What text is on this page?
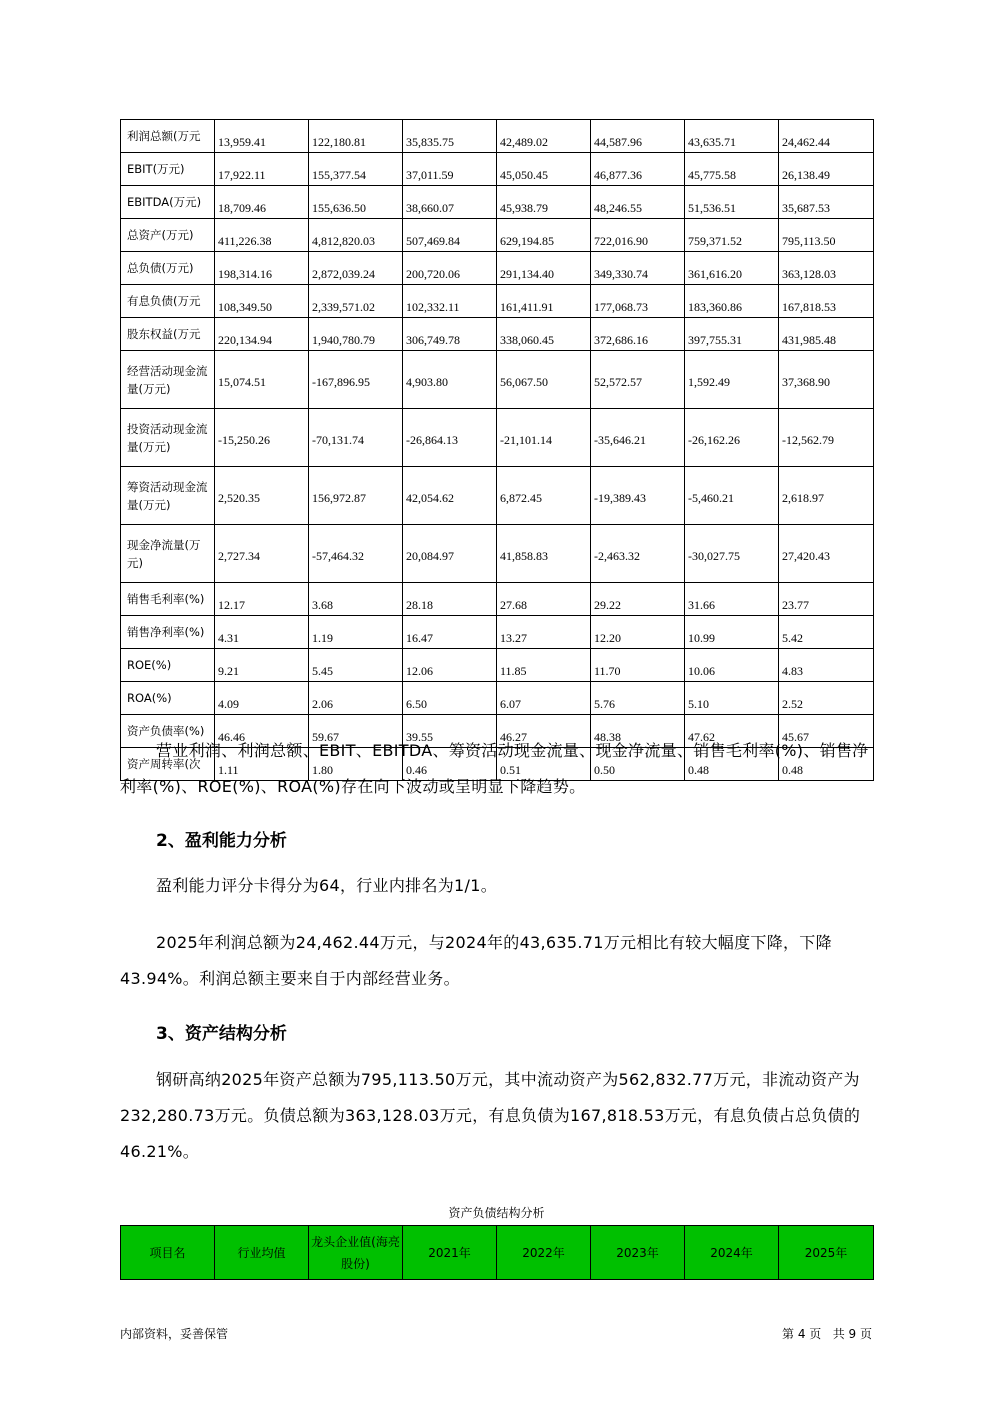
利润总额(万元	13,959.41	122,180.81	35,835.75	42,489.02	44,587.96	43,635.71	24,462.44
EBIT(万元)	17,922.11	155,377.54	37,011.59	45,050.45	46,877.36	45,775.58	26,138.49
EBITDA(万元)	18,709.46	155,636.50	38,660.07	45,938.79	48,246.55	51,536.51	35,687.53
总资产(万元)	411,226.38	4,812,820.03	507,469.84	629,194.85	722,016.90	759,371.52	795,113.50
总负债(万元)	198,314.16	2,872,039.24	200,720.06	291,134.40	349,330.74	361,616.20	363,128.03
有息负债(万元	108,349.50	2,339,571.02	102,332.11	161,411.91	177,068.73	183,360.86	167,818.53
股东权益(万元	220,134.94	1,940,780.79	306,749.78	338,060.45	372,686.16	397,755.31	431,985.48
经营活动现金流量(万元)	15,074.51	-167,896.95	4,903.80	56,067.50	52,572.57	1,592.49	37,368.90
投资活动现金流量(万元)	-15,250.26	-70,131.74	-26,864.13	-21,101.14	-35,646.21	-26,162.26	-12,562.79
筹资活动现金流量(万元)	2,520.35	156,972.87	42,054.62	6,872.45	-19,389.43	-5,460.21	2,618.97
现金净流量(万元)	2,727.34	-57,464.32	20,084.97	41,858.83	-2,463.32	-30,027.75	27,420.43
销售毛利率(%)	12.17	3.68	28.18	27.68	29.22	31.66	23.77
销售净利率(%)	4.31	1.19	16.47	13.27	12.20	10.99	5.42
ROE(%)	9.21	5.45	12.06	11.85	11.70	10.06	4.83
ROA(%)	4.09	2.06	6.50	6.07	5.76	5.10	2.52
资产负债率(%)	46.46	59.67	39.55	46.27	48.38	47.62	45.67
资产周转率(次	1.11	1.80	0.46	0.51	0.50	0.48	0.48
营业利润、利润总额、EBIT、EBITDA、筹资活动现金流量、现金净流量、销售毛利率(%)、销售净利率(%)、ROE(%)、ROA(%)存在向下波动或呈明显下降趋势。
2、盈利能力分析
盈利能力评分卡得分为64，行业内排名为1/1。
2025年利润总额为24,462.44万元，与2024年的43,635.71万元相比有较大幅度下降，下降43.94%。利润总额主要来自于内部经营业务。
3、资产结构分析
钢研高纳2025年资产总额为795,113.50万元，其中流动资产为562,832.77万元，非流动资产为232,280.73万元。负债总额为363,128.03万元，有息负债为167,818.53万元，有息负债占总负债的46.21%。
资产负债结构分析
项目名	行业均值	龙头企业值(海亮股份)	2021年	2022年	2023年	2024年	2025年
内部资料，妥善保管	第 4 页   共 9 页
